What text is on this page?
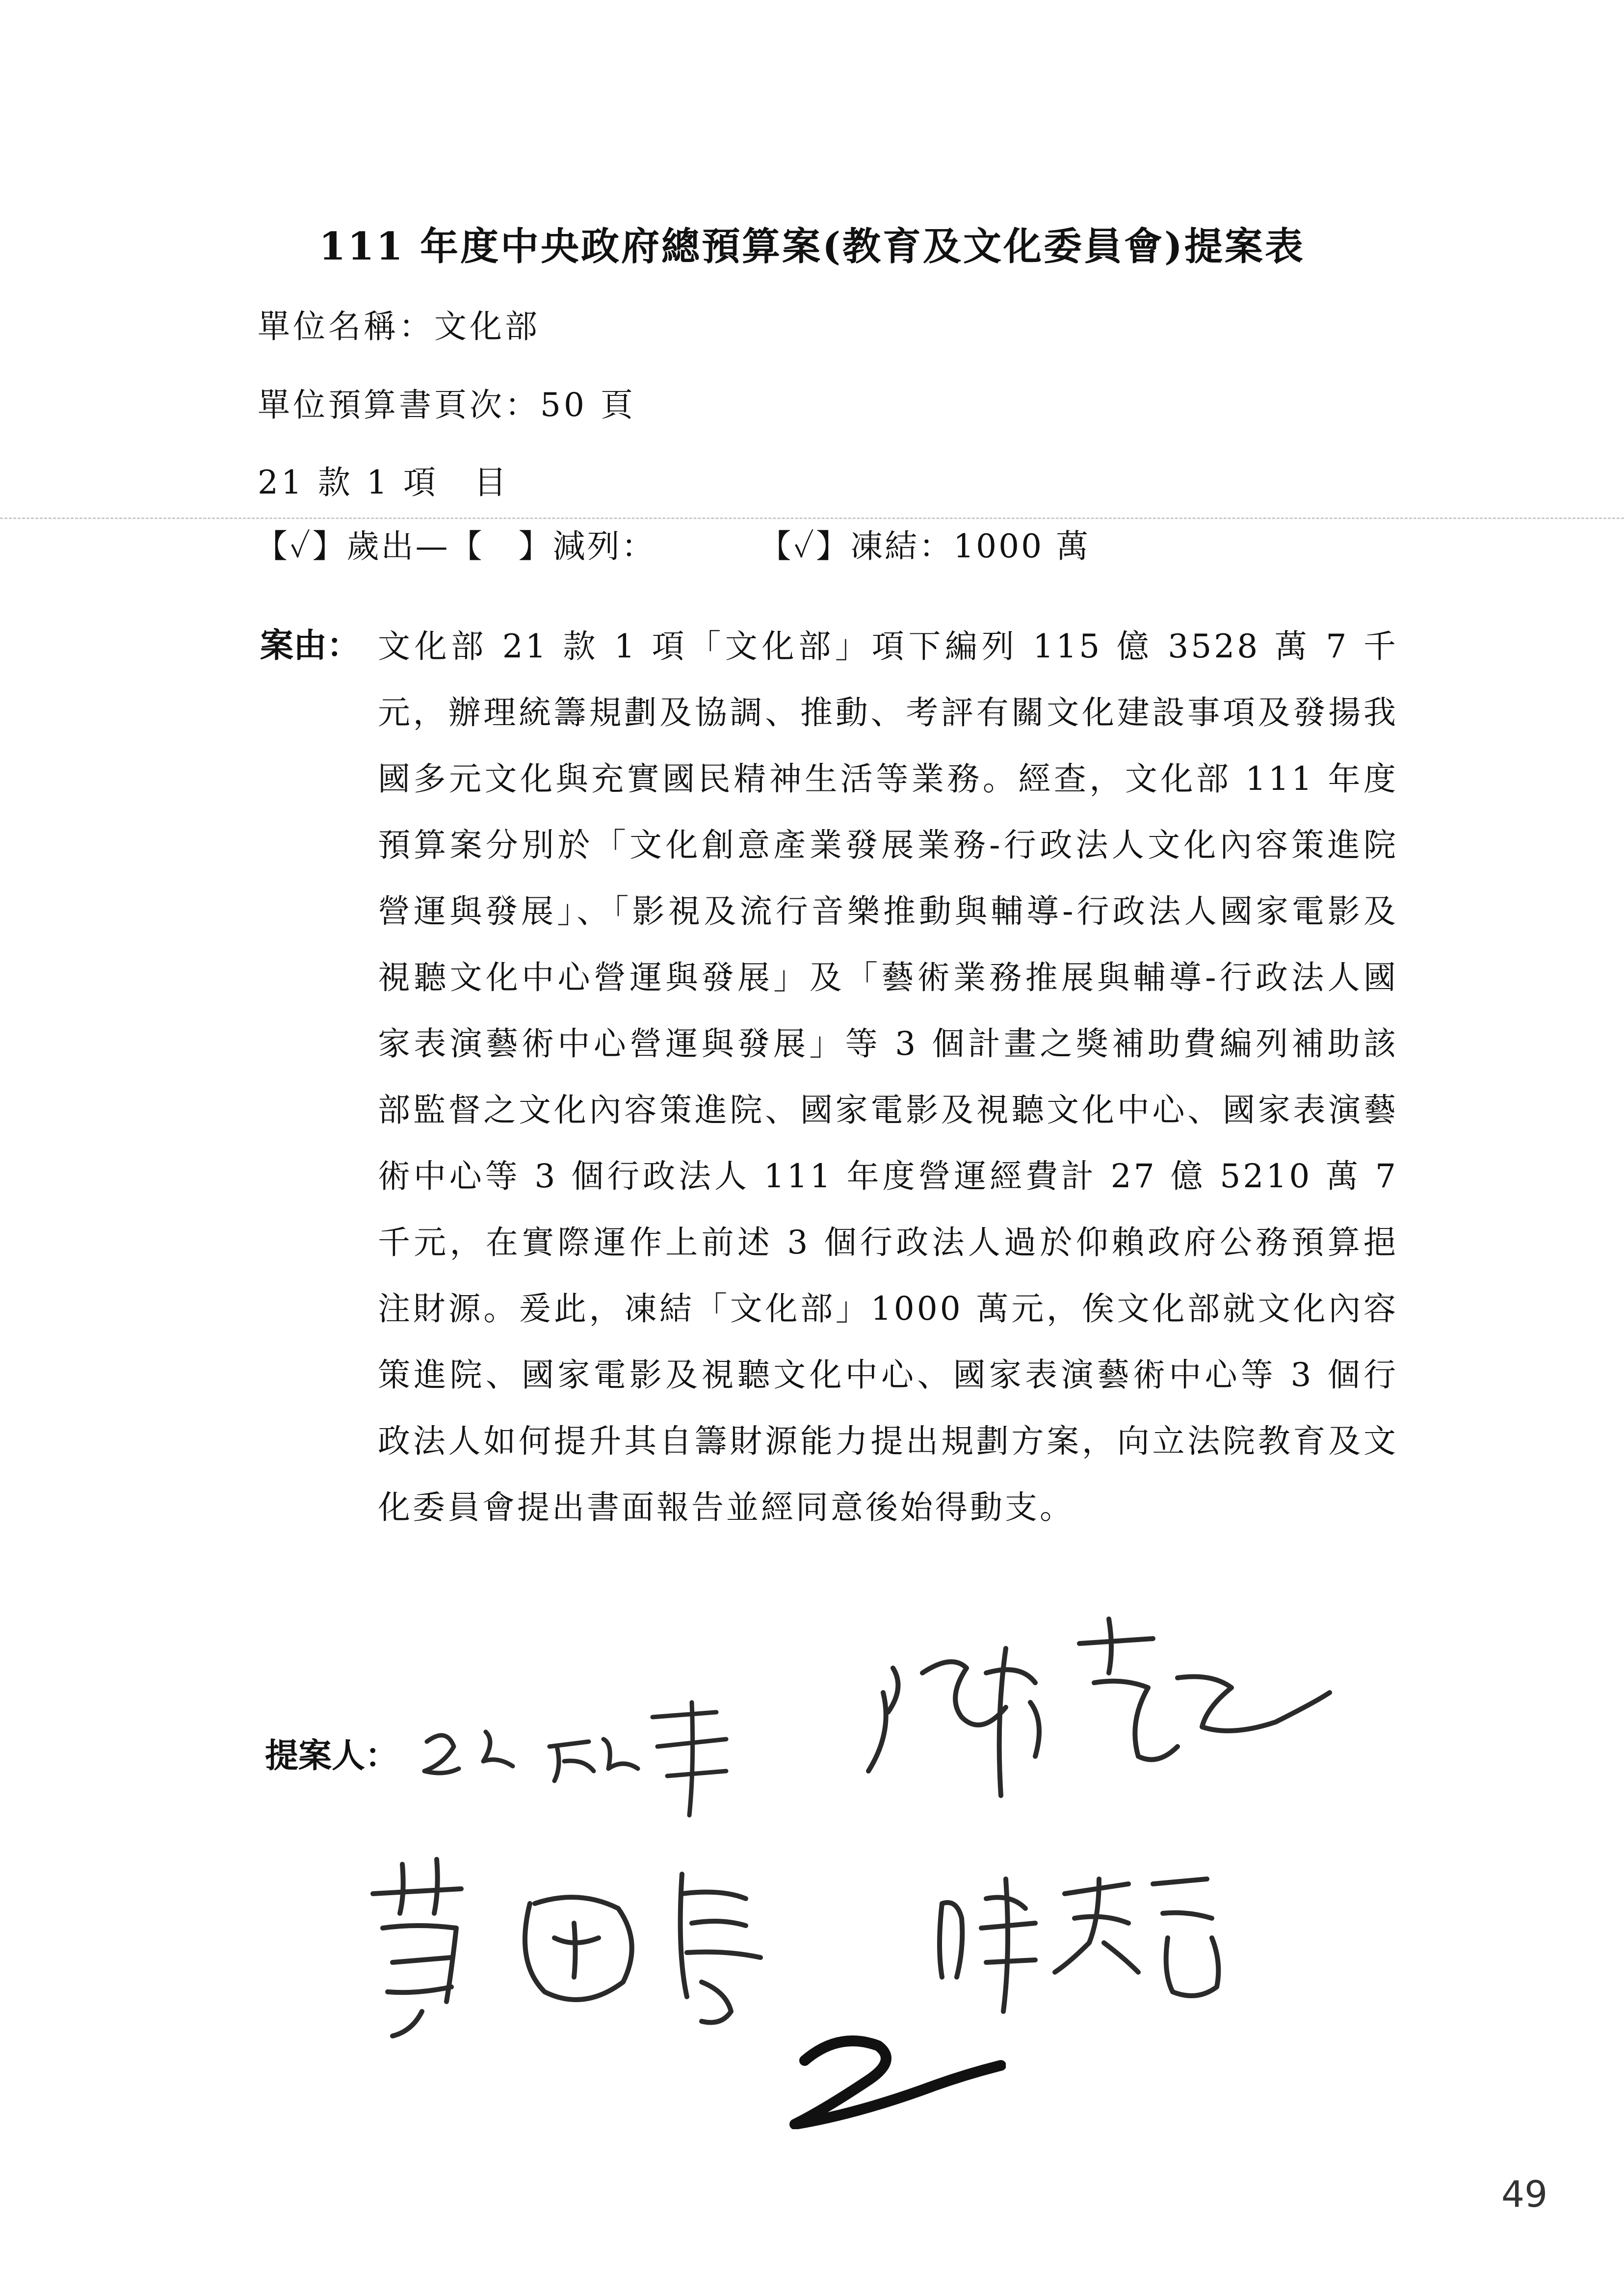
111 年度中央政府總預算案(教育及文化委員會)提案表
單位名稱：文化部
單位預算書頁次：50 頁
21 款 1 項　目
【✓】歲出—【　】減列：	【✓】凍結：1000 萬
案由： 文化部 21 款 1 項「文化部」項下編列 115 億 3528 萬 7 千元，辦理統籌規劃及協調、推動、考評有關文化建設事項及發揚我國多元文化與充實國民精神生活等業務。經查，文化部 111 年度預算案分別於「文化創意產業發展業務-行政法人文化內容策進院營運與發展」、「影視及流行音樂推動與輔導-行政法人國家電影及視聽文化中心營運與發展」及「藝術業務推展與輔導-行政法人國家表演藝術中心營運與發展」等 3 個計畫之獎補助費編列補助該部監督之文化內容策進院、國家電影及視聽文化中心、國家表演藝術中心等 3 個行政法人 111 年度營運經費計 27 億 5210 萬 7 千元，在實際運作上前述 3 個行政法人過於仰賴政府公務預算挹注財源。爰此，凍結「文化部」1000 萬元，俟文化部就文化內容策進院、國家電影及視聽文化中心、國家表演藝術中心等 3 個行政法人如何提升其自籌財源能力提出規劃方案，向立法院教育及文化委員會提出書面報告並經同意後始得動支。
提案人：
49
